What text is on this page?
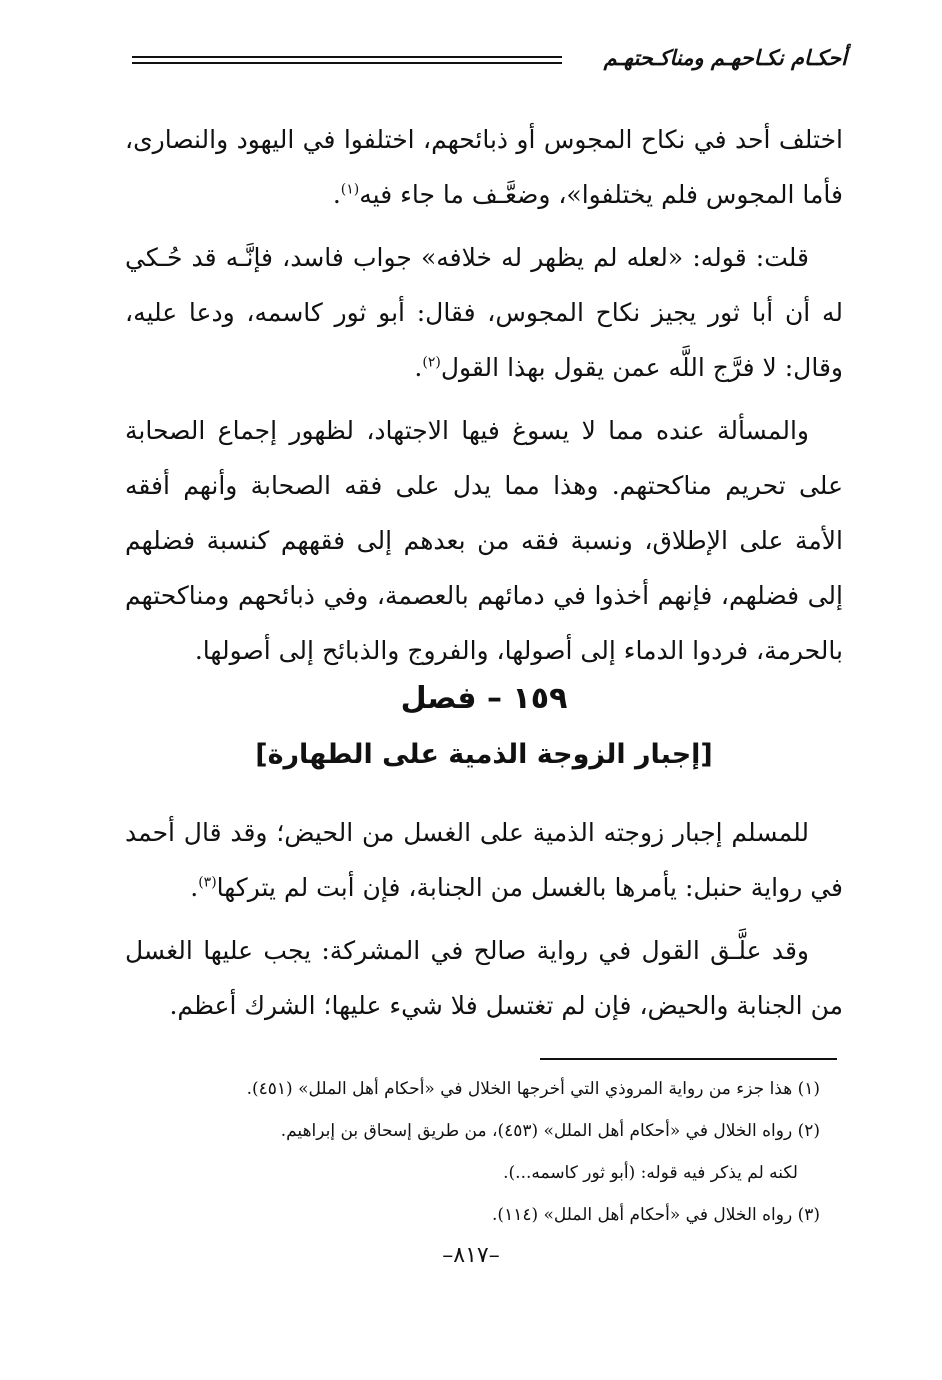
أحكـام نكـاحهـم ومناكـحتهـم

اختلف أحد في نكاح المجوس أو ذبائحهم، اختلفوا في اليهود والنصارى، فأما المجوس فلم يختلفوا»، وضعَّـف ما جاء فيه$^{(١)}$.

قلت: قوله: «لعله لم يظهر له خلافه» جواب فاسد، فإنَّـه قد حُـكي له أن أبا ثور يجيز نكاح المجوس، فقال: أبو ثور كاسمه، ودعا عليه، وقال: لا فرَّج اللَّه عمن يقول بهذا القول$^{(٢)}$.

والمسألة عنده مما لا يسوغ فيها الاجتهاد، لظهور إجماع الصحابة على تحريم مناكحتهم. وهذا مما يدل على فقه الصحابة وأنهم أفقه الأمة على الإطلاق، ونسبة فقه من بعدهم إلى فقههم كنسبة فضلهم إلى فضلهم، فإنهم أخذوا في دمائهم بالعصمة، وفي ذبائحهم ومناكحتهم بالحرمة، فردوا الدماء إلى أصولها، والفروج والذبائح إلى أصولها.

١٥٩ – فصل
[إجبار الزوجة الذمية على الطهارة]

للمسلم إجبار زوجته الذمية على الغسل من الحيض؛ وقد قال أحمد في رواية حنبل: يأمرها بالغسل من الجنابة، فإن أبت لم يتركها$^{(٣)}$.

وقد علَّـق القول في رواية صالح في المشركة: يجب عليها الغسل من الجنابة والحيض، فإن لم تغتسل فلا شيء عليها؛ الشرك أعظم.

(١) هذا جزء من رواية المروذي التي أخرجها الخلال في «أحكام أهل الملل» (٤٥١).
(٢) رواه الخلال في «أحكام أهل الملل» (٤٥٣)، من طريق إسحاق بن إبراهيم.
لكنه لم يذكر فيه قوله: (أبو ثور كاسمه...).
(٣) رواه الخلال في «أحكام أهل الملل» (١١٤).
–٨١٧–
